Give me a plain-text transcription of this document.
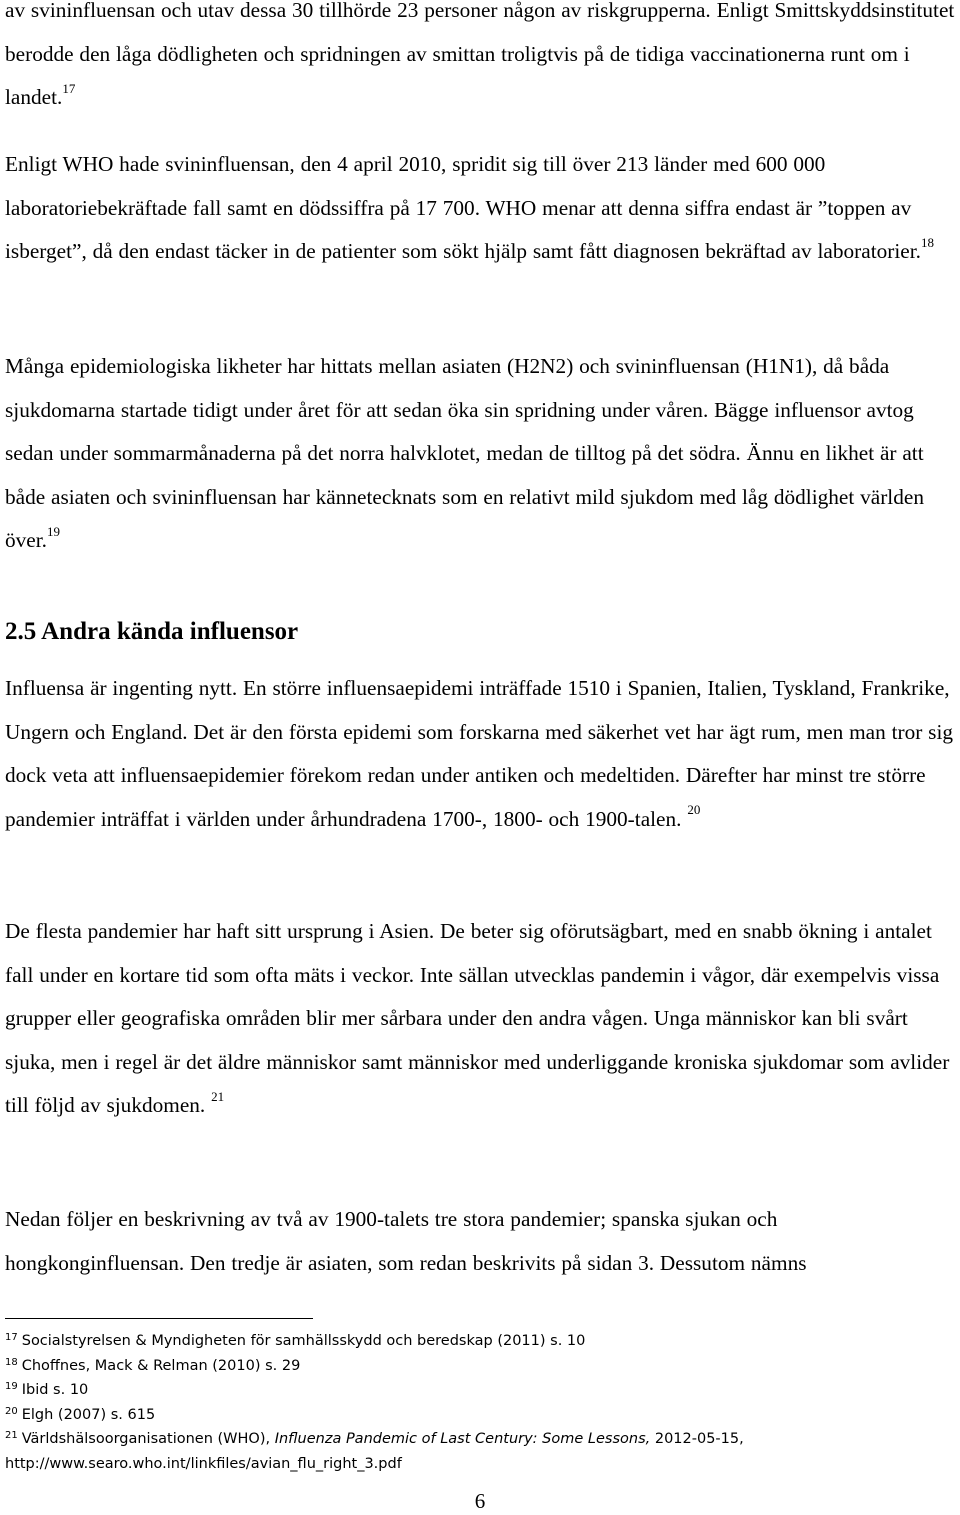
av svininfluensan och utav dessa 30 tillhörde 23 personer någon av riskgrupperna. Enligt Smittskyddsinstitutet berodde den låga dödligheten och spridningen av smittan troligtvis på de tidiga vaccinationerna runt om i landet.$^{17}$

Enligt WHO hade svininfluensan, den 4 april 2010, spridit sig till över 213 länder med 600 000 laboratoriebekräftade fall samt en dödssiffra på 17 700. WHO menar att denna siffra endast är ”toppen av isberget”, då den endast täcker in de patienter som sökt hjälp samt fått diagnosen bekräftad av laboratorier.$^{18}$

Många epidemiologiska likheter har hittats mellan asiaten (H2N2) och svininfluensan (H1N1), då båda sjukdomarna startade tidigt under året för att sedan öka sin spridning under våren. Bägge influensor avtog sedan under sommarmånaderna på det norra halvklotet, medan de tilltog på det södra. Ännu en likhet är att både asiaten och svininfluensan har kännetecknats som en relativt mild sjukdom med låg dödlighet världen över.$^{19}$

2.5 Andra kända influensor

Influensa är ingenting nytt. En större influensaepidemi inträffade 1510 i Spanien, Italien, Tyskland, Frankrike, Ungern och England. Det är den första epidemi som forskarna med säkerhet vet har ägt rum, men man tror sig dock veta att influensaepidemier förekom redan under antiken och medeltiden. Därefter har minst tre större pandemier inträffat i världen under århundradena 1700-, 1800- och 1900-talen. $^{20}$

De flesta pandemier har haft sitt ursprung i Asien. De beter sig oförutsägbart, med en snabb ökning i antalet fall under en kortare tid som ofta mäts i veckor. Inte sällan utvecklas pandemin i vågor, där exempelvis vissa grupper eller geografiska områden blir mer sårbara under den andra vågen. Unga människor kan bli svårt sjuka, men i regel är det äldre människor samt människor med underliggande kroniska sjukdomar som avlider till följd av sjukdomen. $^{21}$

Nedan följer en beskrivning av två av 1900-talets tre stora pandemier; spanska sjukan och hongkonginfluensan. Den tredje är asiaten, som redan beskrivits på sidan 3. Dessutom nämns

$^{17}$ Socialstyrelsen & Myndigheten för samhällsskydd och beredskap (2011) s. 10

$^{18}$ Choffnes, Mack & Relman (2010) s. 29

$^{19}$ Ibid s. 10

$^{20}$ Elgh (2007) s. 615

$^{21}$ Världshälsoorganisationen (WHO), Influenza Pandemic of Last Century: Some Lessons, 2012-05-15,

http://www.searo.who.int/linkfiles/avian_flu_right_3.pdf

6
